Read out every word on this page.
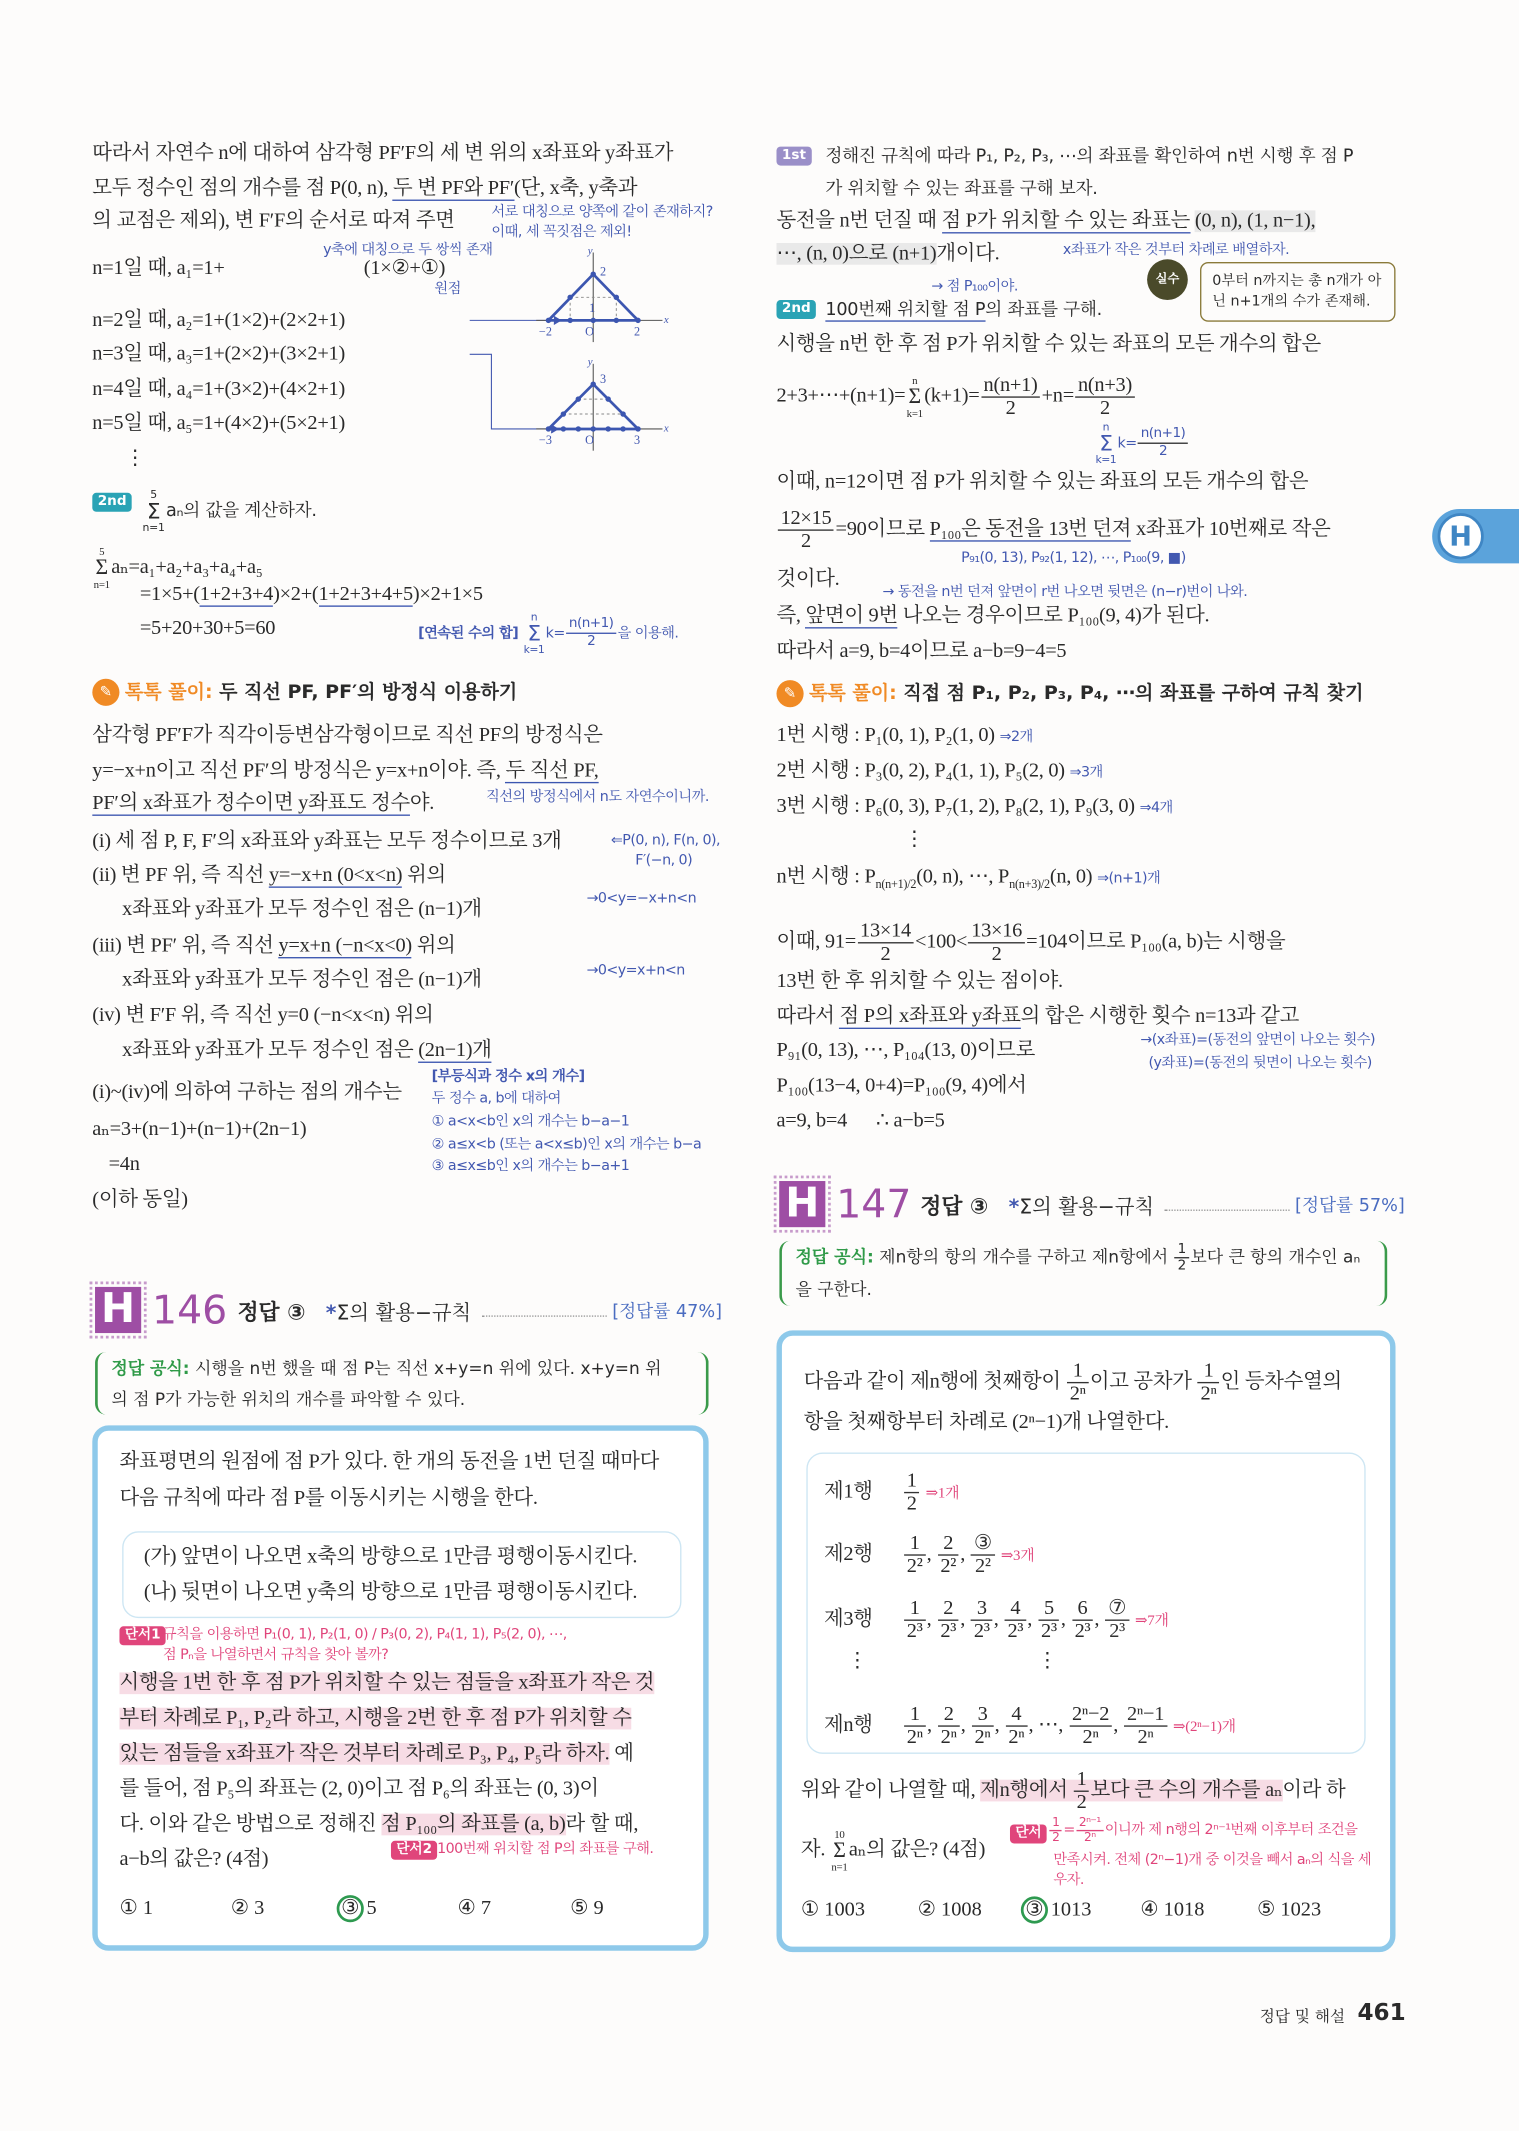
따라서 자연수 n에 대하여 삼각형 PF′F의 세 변 위의 x좌표와 y좌표가
모두 정수인 점의 개수를 점 P(0, n), 두 변 PF와 PF′(단, x축, y축과
의 교점은 제외), 변 F′F의 순서로 따져 주면	서로 대칭으로 양쪽에 같이 존재하지?
이때, 세 꼭짓점은 제외!
y축에 대칭으로 두 쌍씩 존재
n=1일 때, a₁=1+	(1×②+①)
원점
n=2일 때, a₂=1+(1×2)+(2×2+1)
n=3일 때, a₃=1+(2×2)+(3×2+1)
n=4일 때, a₄=1+(3×2)+(4×2+1)
n=5일 때, a₅=1+(4×2)+(5×2+1)
⋮
y
2
1
−2	O	2
x
y
3
−3	O	3
x
2nd	5
Σ
n=1
aₙ의 값을 계산하자.
5
Σ
n=1
aₙ=a₁+a₂+a₃+a₄+a₅
=1×5+(1+2+3+4)×2+(1+2+3+4+5)×2+1×5
=5+20+30+5=60	[연속된 수의 합]
n
Σ
k=1
$k= \frac{n(n+1)}{2}$ 을 이용해.
✎ 톡톡 풀이: 두 직선 PF, PF′의 방정식 이용하기
삼각형 PF′F가 직각이등변삼각형이므로 직선 PF의 방정식은
y=−x+n이고 직선 PF′의 방정식은 y=x+n이야. 즉, 두 직선 PF,
PF′의 x좌표가 정수이면 y좌표도 정수야.	직선의 방정식에서 n도 자연수이니까.
(i) 세 점 P, F, F′의 x좌표와 y좌표는 모두 정수이므로 3개	⇐P(0, n), F(n, 0),
F′(−n, 0)
(ii) 변 PF 위, 즉 직선 y=−x+n (0<x<n) 위의
x좌표와 y좌표가 모두 정수인 점은 (n−1)개	→0<y=−x+n<n
(iii) 변 PF′ 위, 즉 직선 y=x+n (−n<x<0) 위의
x좌표와 y좌표가 모두 정수인 점은 (n−1)개	→0<y=x+n<n
(iv) 변 F′F 위, 즉 직선 y=0 (−n<x<n) 위의
x좌표와 y좌표가 모두 정수인 점은 (2n−1)개
[부등식과 정수 x의 개수]
두 정수 a, b에 대하여
① a<x<b인 x의 개수는 b−a−1
② a≤x<b (또는 a<x≤b)인 x의 개수는 b−a
③ a≤x≤b인 x의 개수는 b−a+1
(i)~(iv)에 의하여 구하는 점의 개수는
aₙ=3+(n−1)+(n−1)+(2n−1)
=4n
(이하 동일)
H 146 정답 ③ *Σ의 활용−규칙	[정답률 47%]
정답 공식: 시행을 n번 했을 때 점 P는 직선 x+y=n 위에 있다. x+y=n 위
의 점 P가 가능한 위치의 개수를 파악할 수 있다.
좌표평면의 원점에 점 P가 있다. 한 개의 동전을 1번 던질 때마다
다음 규칙에 따라 점 P를 이동시키는 시행을 한다.
(가) 앞면이 나오면 x축의 방향으로 1만큼 평행이동시킨다.
(나) 뒷면이 나오면 y축의 방향으로 1만큼 평행이동시킨다.
단서1 규칙을 이용하면 P₁(0, 1), P₂(1, 0) / P₃(0, 2), P₄(1, 1), P₅(2, 0), ⋯,
점 Pₙ을 나열하면서 규칙을 찾아 볼까?
시행을 1번 한 후 점 P가 위치할 수 있는 점들을 x좌표가 작은 것
부터 차례로 P₁, P₂라 하고, 시행을 2번 한 후 점 P가 위치할 수
있는 점들을 x좌표가 작은 것부터 차례로 P₃, P₄, P₅라 하자. 예
를 들어, 점 P₅의 좌표는 (2, 0)이고 점 P₆의 좌표는 (0, 3)이
다. 이와 같은 방법으로 정해진 점 P₁₀₀의 좌표를 (a, b)라 할 때,
a−b의 값은? (4점)	단서2 100번째 위치할 점 P의 좌표를 구해.
① 1	② 3	③ 5	④ 7	⑤ 9
1st	정해진 규칙에 따라 P₁, P₂, P₃, ⋯의 좌표를 확인하여 n번 시행 후 점 P
가 위치할 수 있는 좌표를 구해 보자.
동전을 n번 던질 때 점 P가 위치할 수 있는 좌표는 (0, n), (1, n−1),
⋯, (n, 0)으로 (n+1)개이다.	x좌표가 작은 것부터 차례로 배열하자.
실수	0부터 n까지는 총 n개가 아
닌 n+1개의 수가 존재해.
→ 점 P₁₀₀이야.
2nd	100번째 위치할 점 P의 좌표를 구해.
시행을 n번 한 후 점 P가 위치할 수 있는 좌표의 모든 개수의 합은
2+3+⋯+(n+1)=
n
Σ
k=1
$(k+1)= \frac{n(n+1)}{2} +n= \frac{n(n+3)}{2}$
n
Σ
k=1
$k= \frac{n(n+1)}{2}$
이때, n=12이면 점 P가 위치할 수 있는 좌표의 모든 개수의 합은
$\frac{12\times 15}{2} =90$이므로 P₁₀₀은 동전을 13번 던져 x좌표가 10번째로 작은
P₉₁(0, 13), P₉₂(1, 12), ⋯, P₁₀₀(9, ■)
것이다.
→ 동전을 n번 던져 앞면이 r번 나오면 뒷면은 (n−r)번이 나와.
즉, 앞면이 9번 나오는 경우이므로 P₁₀₀(9, 4)가 된다.
따라서 a=9, b=4이므로 a−b=9−4=5
✎ 톡톡 풀이: 직접 점 P₁, P₂, P₃, P₄, ⋯의 좌표를 구하여 규칙 찾기
1번 시행 : P₁(0, 1), P₂(1, 0) ⇒2개
2번 시행 : P₃(0, 2), P₄(1, 1), P₅(2, 0) ⇒3개
3번 시행 : P₆(0, 3), P₇(1, 2), P₈(2, 1), P₉(3, 0) ⇒4개
⋮
n번 시행 : $P_{n(n+1)/2}(0$, n), ⋯, $P_{n(n+3)/2}(n$, 0) ⇒(n+1)개
이때, $91= \frac{13\times 14}{2} <100< \frac{13\times 16}{2} =104$이므로 P₁₀₀(a, b)는 시행을
13번 한 후 위치할 수 있는 점이야.
따라서 점 P의 x좌표와 y좌표의 합은 시행한 횟수 n=13과 같고
P₉₁(0, 13), ⋯, P₁₀₄(13, 0)이므로	→(x좌표)=(동전의 앞면이 나오는 횟수)
(y좌표)=(동전의 뒷면이 나오는 횟수)
P₁₀₀(13−4, 0+4)=P₁₀₀(9, 4)에서
a=9, b=4      ∴ a−b=5
H 147 정답 ③ *Σ의 활용−규칙	[정답률 57%]
정답 공식: 제n항의 항의 개수를 구하고 제n항에서 $\frac{1}{2}$ 보다 큰 항의 개수인 aₙ
을 구한다.
다음과 같이 제n행에 첫째항이 $\frac{1}{\text{2ⁿ}}$ 이고 공차가 $\frac{1}{\text{2ⁿ}}$ 인 등차수열의
항을 첫째항부터 차례로 (2ⁿ−1)개 나열한다.
제1행 $\frac{1}{2}$ ⇒1개
제2행 $\frac{1}{\text{2²}}$ , $\frac{2}{\text{2²}}$ , $\frac{\text{③}}{\text{2²}}$ ⇒3개
제3행 $\frac{1}{\text{2³}}$ , $\frac{2}{\text{2³}}$ , $\frac{3}{\text{2³}}$ , $\frac{4}{\text{2³}}$ , $\frac{5}{\text{2³}}$ , $\frac{6}{\text{2³}}$ , $\frac{\text{⑦}}{\text{2³}}$ ⇒7개
제n행 $\frac{1}{\text{2ⁿ}}$ , $\frac{2}{\text{2ⁿ}}$ , $\frac{3}{\text{2ⁿ}}$ , $\frac{4}{\text{2ⁿ}}$ , ⋯, $\frac{\text{2ⁿ−2}}{\text{2ⁿ}}$ , $\frac{\text{2ⁿ−1}}{\text{2ⁿ}}$ ⇒(2ⁿ−1)개
⋮	⋮
위와 같이 나열할 때, 제n행에서 $\frac{1}{2}$ 보다 큰 수의 개수를 aₙ이라 하
자.
10
Σ
n=1
aₙ의 값은? (4점)
단서 $\frac{1}{2} = \frac{\text{2ⁿ⁻¹}}{\text{2ⁿ}}$ 이니까 제 n행의 2ⁿ⁻¹번째 이후부터 조건을
만족시켜. 전체 (2ⁿ−1)개 중 이것을 빼서 aₙ의 식을 세
우자.
① 1003	② 1008	③ 1013	④ 1018	⑤ 1023
H
정답 및 해설 461
